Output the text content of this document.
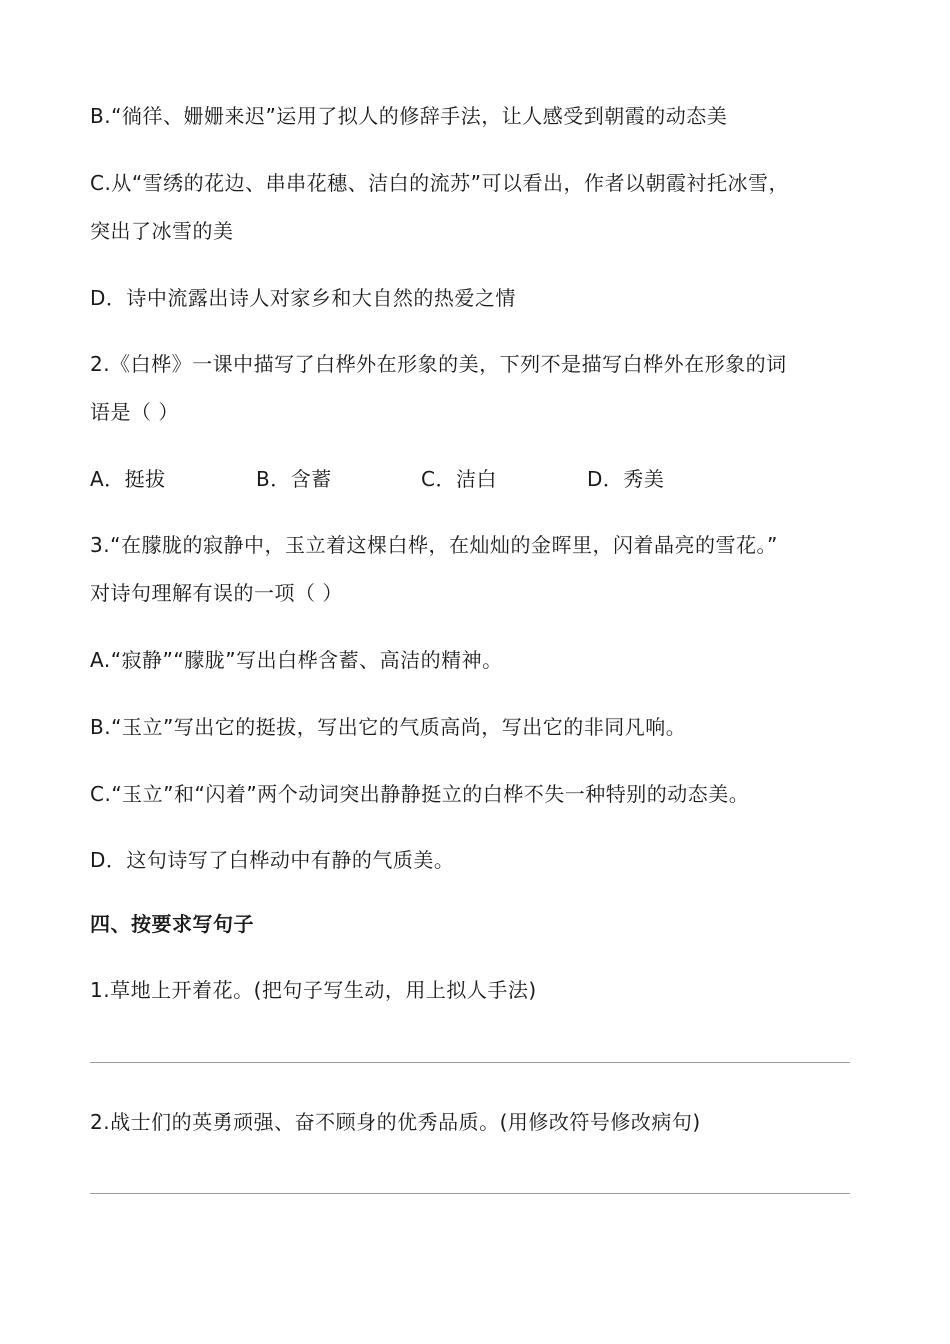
B.“徜徉、姗姗来迟”运用了拟人的修辞手法，让人感受到朝霞的动态美
C.从“雪绣的花边、串串花穗、洁白的流苏”可以看出，作者以朝霞衬托冰雪，
突出了冰雪的美
D．诗中流露出诗人对家乡和大自然的热爱之情
2.《白桦》一课中描写了白桦外在形象的美，下列不是描写白桦外在形象的词
语是（ ）
A．挺拔	B．含蓄	C．洁白	D．秀美
3.“在朦胧的寂静中，玉立着这棵白桦，在灿灿的金晖里，闪着晶亮的雪花。”
对诗句理解有误的一项（ ）
A.“寂静”“朦胧”写出白桦含蓄、高洁的精神。
B.“玉立”写出它的挺拔，写出它的气质高尚，写出它的非同凡响。
C.“玉立”和“闪着”两个动词突出静静挺立的白桦不失一种特别的动态美。
D．这句诗写了白桦动中有静的气质美。
四、按要求写句子
1.草地上开着花。(把句子写生动，用上拟人手法)
2.战士们的英勇顽强、奋不顾身的优秀品质。(用修改符号修改病句)
